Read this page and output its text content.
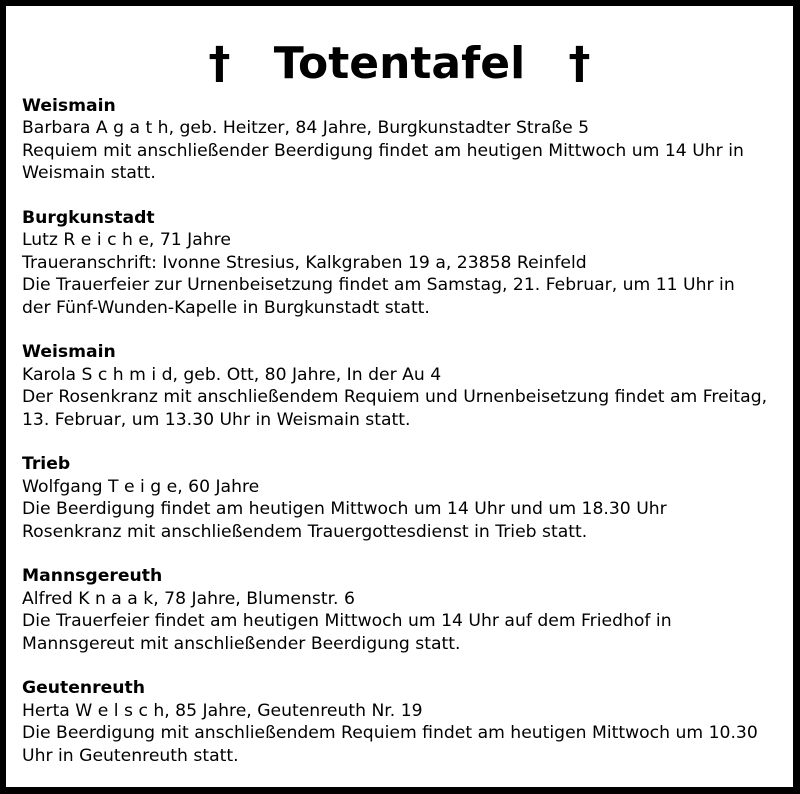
† Totentafel †
Weismain
Barbara A g a t h, geb. Heitzer, 84 Jahre, Burgkunstadter Straße 5
Requiem mit anschließender Beerdigung findet am heutigen Mittwoch um 14 Uhr in
Weismain statt.
Burgkunstadt
Lutz R e i c h e, 71 Jahre
Traueranschrift: Ivonne Stresius, Kalkgraben 19 a, 23858 Reinfeld
Die Trauerfeier zur Urnenbeisetzung findet am Samstag, 21. Februar, um 11 Uhr in
der Fünf-Wunden-Kapelle in Burgkunstadt statt.
Weismain
Karola S c h m i d, geb. Ott, 80 Jahre, In der Au 4
Der Rosenkranz mit anschließendem Requiem und Urnenbeisetzung findet am Freitag,
13. Februar, um 13.30 Uhr in Weismain statt.
Trieb
Wolfgang T e i g e, 60 Jahre
Die Beerdigung findet am heutigen Mittwoch um 14 Uhr und um 18.30 Uhr
Rosenkranz mit anschließendem Trauergottesdienst in Trieb statt.
Mannsgereuth
Alfred K n a a k, 78 Jahre, Blumenstr. 6
Die Trauerfeier findet am heutigen Mittwoch um 14 Uhr auf dem Friedhof in
Mannsgereut mit anschließender Beerdigung statt.
Geutenreuth
Herta W e l s c h, 85 Jahre, Geutenreuth Nr. 19
Die Beerdigung mit anschließendem Requiem findet am heutigen Mittwoch um 10.30
Uhr in Geutenreuth statt.
